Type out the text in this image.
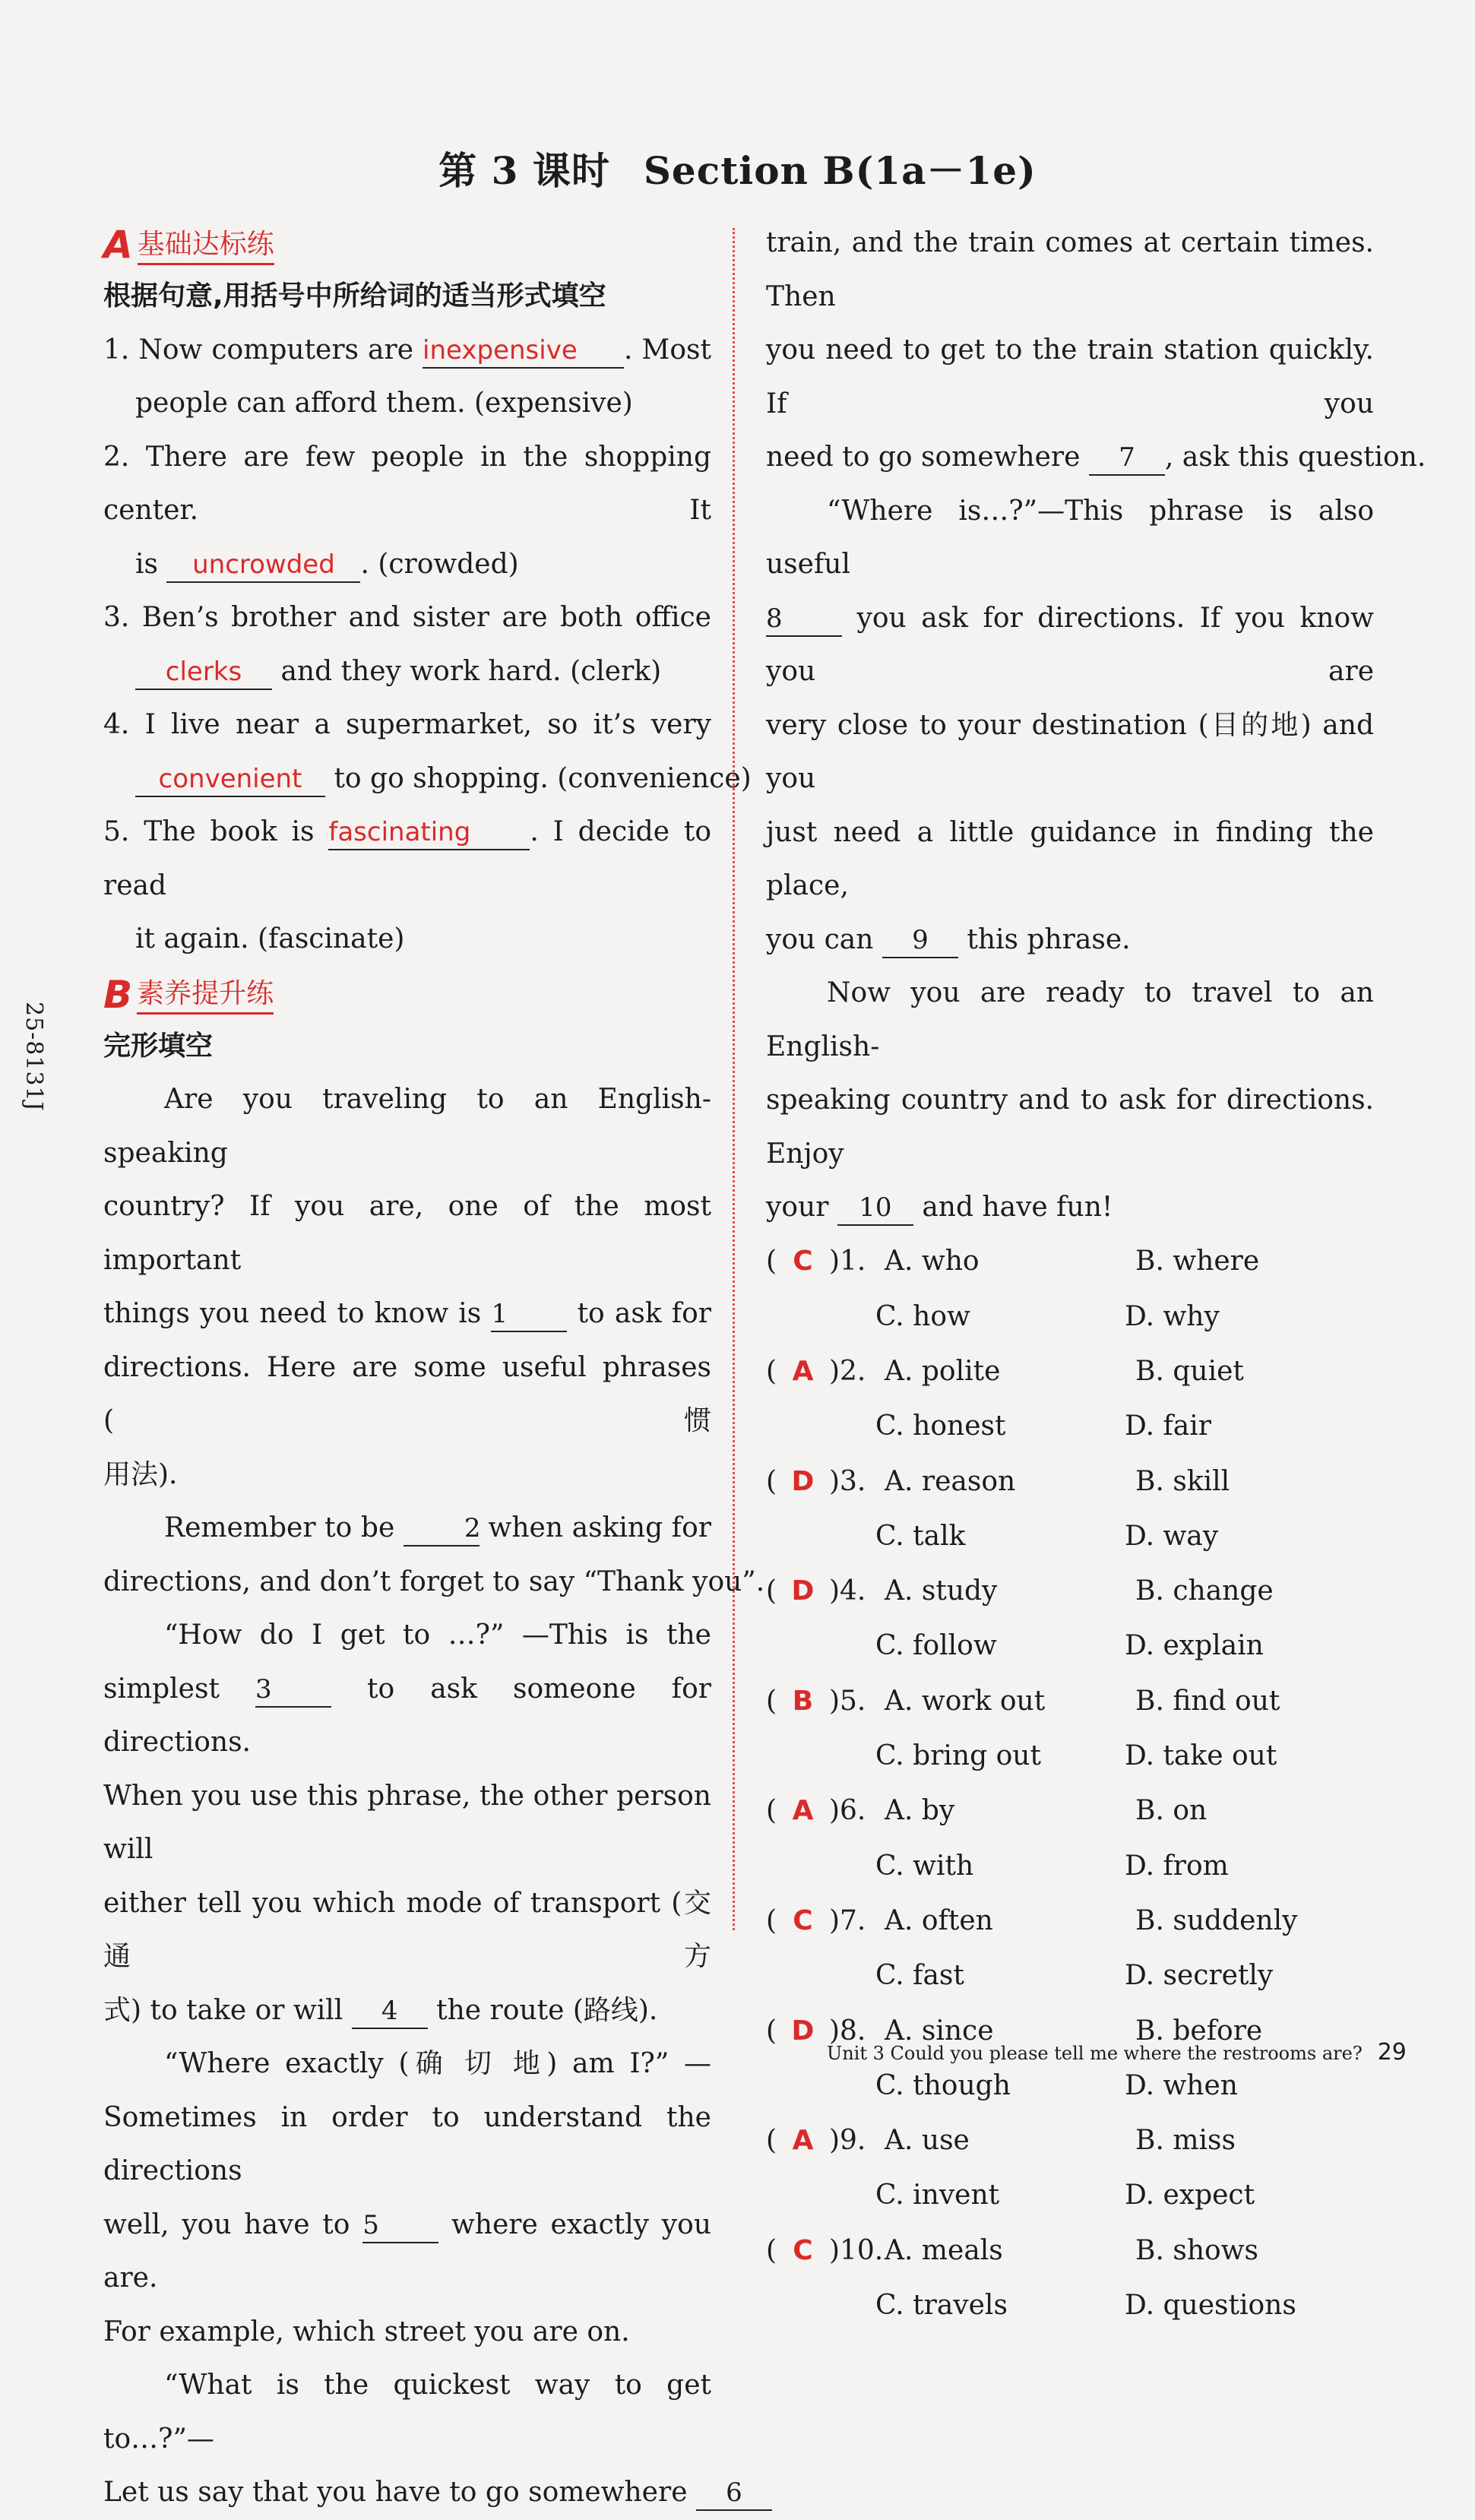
第 3 课时 Section B(1a－1e)
25-8131J
A 基础达标练
根据句意,用括号中所给词的适当形式填空
1. Now computers are inexpensive . Most
people can afford them. (expensive)
2. There are few people in the shopping center. It
is uncrowded . (crowded)
3. Ben’s brother and sister are both office
clerks and they work hard. (clerk)
4. I live near a supermarket, so it’s very
convenient to go shopping. (convenience)
5. The book is fascinating . I decide to read
it again. (fascinate)
B 素养提升练
完形填空
Are you traveling to an English-speaking
country? If you are, one of the most important
things you need to know is 1	to ask for
directions. Here are some useful phrases (惯
用法).
Remember to be	2 when asking for
directions, and don’t forget to say “Thank you”.
“How do I get to …?” —This is the
simplest 3	to ask someone for directions.
When you use this phrase, the other person will
either tell you which mode of transport (交通方
式) to take or will 4 the route (路线).
“Where exactly (确 切 地) am I?” —
Sometimes in order to understand the directions
well, you have to 5	where exactly you are.
For example, which street you are on.
“What is the quickest way to get to…?”—
Let us say that you have to go somewhere 6
train, and the train comes at certain times. Then
you need to get to the train station quickly. If you
need to go somewhere 7 , ask this question.
“Where is…?”—This phrase is also useful
8	you ask for directions. If you know you are
very close to your destination (目的地) and you
just need a little guidance in finding the place,
you can 9 this phrase.
Now you are ready to travel to an English-
speaking country and to ask for directions. Enjoy
your 10 and have fun!
( C )1. A. who	B. where
C. how	D. why
( A )2. A. polite	B. quiet
C. honest	D. fair
( D )3. A. reason	B. skill
C. talk	D. way
( D )4. A. study	B. change
C. follow	D. explain
( B )5. A. work out	B. find out
C. bring out	D. take out
( A )6. A. by	B. on
C. with	D. from
( C )7. A. often	B. suddenly
C. fast	D. secretly
( D )8. A. since	B. before
C. though	D. when
( A )9. A. use	B. miss
C. invent	D. expect
( C )10. A. meals	B. shows
C. travels	D. questions
Unit 3 Could you please tell me where the restrooms are? 29
